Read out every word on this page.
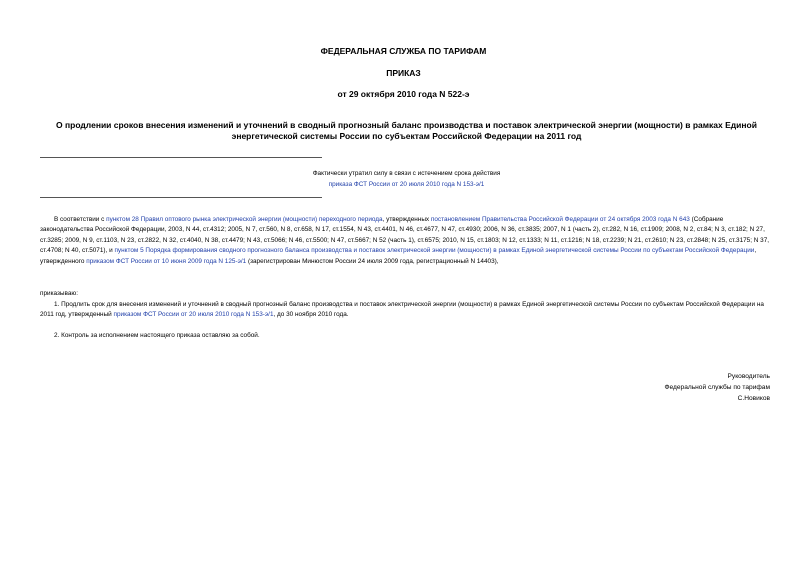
ФЕДЕРАЛЬНАЯ СЛУЖБА ПО ТАРИФАМ
ПРИКАЗ
от 29 октября 2010 года N 522-э
О продлении сроков внесения изменений и уточнений в сводный прогнозный баланс производства и поставок электрической энергии (мощности) в рамках Единой
энергетической системы России по субъектам Российской Федерации на 2011 год
Фактически утратил силу в связи с истечением срока действия
приказа ФСТ России от 20 июля 2010 года N 153-э/1

В соответствии с пунктом 28 Правил оптового рынка электрической энергии (мощности) переходного периода, утвержденных постановлением Правительства Российской Федерации от 24 октября 2003 года N 643 (Собрание законодательства Российской Федерации, 2003, N 44, ст.4312; 2005, N 7, ст.560, N 8, ст.658, N 17, ст.1554, N 43, ст.4401, N 46, ст.4677, N 47, ст.4930; 2006, N 36, ст.3835; 2007, N 1 (часть 2), ст.282, N 16, ст.1909; 2008, N 2, ст.84; N 3, ст.182; N 27, ст.3285; 2009, N 9, ст.1103, N 23, ст.2822, N 32, ст.4040, N 38, ст.4479; N 43, ст.5066; N 46, ст.5500; N 47, ст.5667; N 52 (часть 1), ст.6575; 2010, N 15, ст.1803; N 12, ст.1333; N 11, ст.1216; N 18, ст.2239; N 21, ст.2610; N 23, ст.2848; N 25, ст.3175; N 37, ст.4708; N 40, ст.5071), и пунктом 5 Порядка формирования сводного прогнозного баланса производства и поставок электрической энергии (мощности) в рамках Единой энергетической системы России по субъектам Российской Федерации, утвержденного приказом ФСТ России от 10 июня 2009 года N 125-э/1 (зарегистрирован Минюстом России 24 июля 2009 года, регистрационный N 14403),

приказываю:

1. Продлить срок для внесения изменений и уточнений в сводный прогнозный баланс производства и поставок электрической энергии (мощности) в рамках Единой энергетической системы России по субъектам Российской Федерации на 2011 год, утвержденный приказом ФСТ России от 20 июля 2010 года N 153-э/1, до 30 ноября 2010 года.

2. Контроль за исполнением настоящего приказа оставляю за собой.

Руководитель
Федеральной службы по тарифам
С.Новиков
